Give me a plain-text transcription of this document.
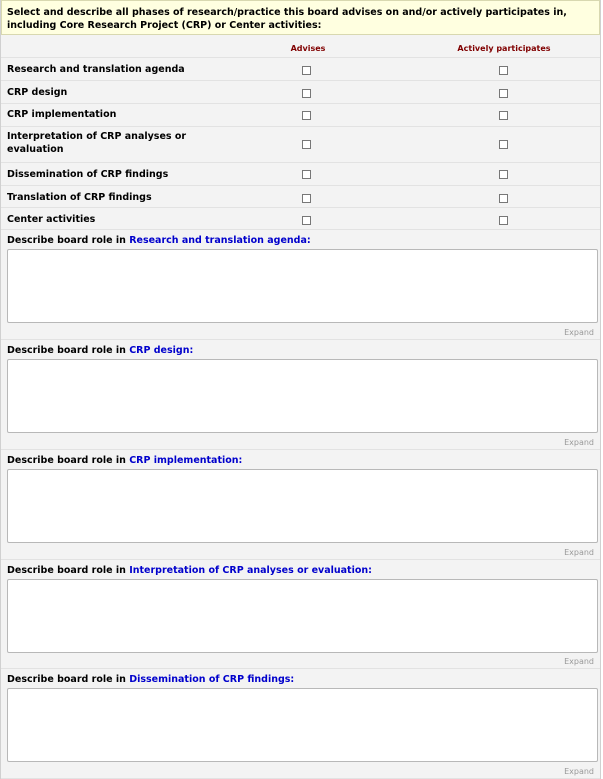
Select and describe all phases of research/practice this board advises on and/or actively participates in, including Core Research Project (CRP) or Center activities:
Advises	Actively participates
Research and translation agenda
CRP design
CRP implementation
Interpretation of CRP analyses or evaluation
Dissemination of CRP findings
Translation of CRP findings
Center activities
Describe board role in Research and translation agenda:
Expand
Describe board role in CRP design:
Expand
Describe board role in CRP implementation:
Expand
Describe board role in Interpretation of CRP analyses or evaluation:
Expand
Describe board role in Dissemination of CRP findings:
Expand
